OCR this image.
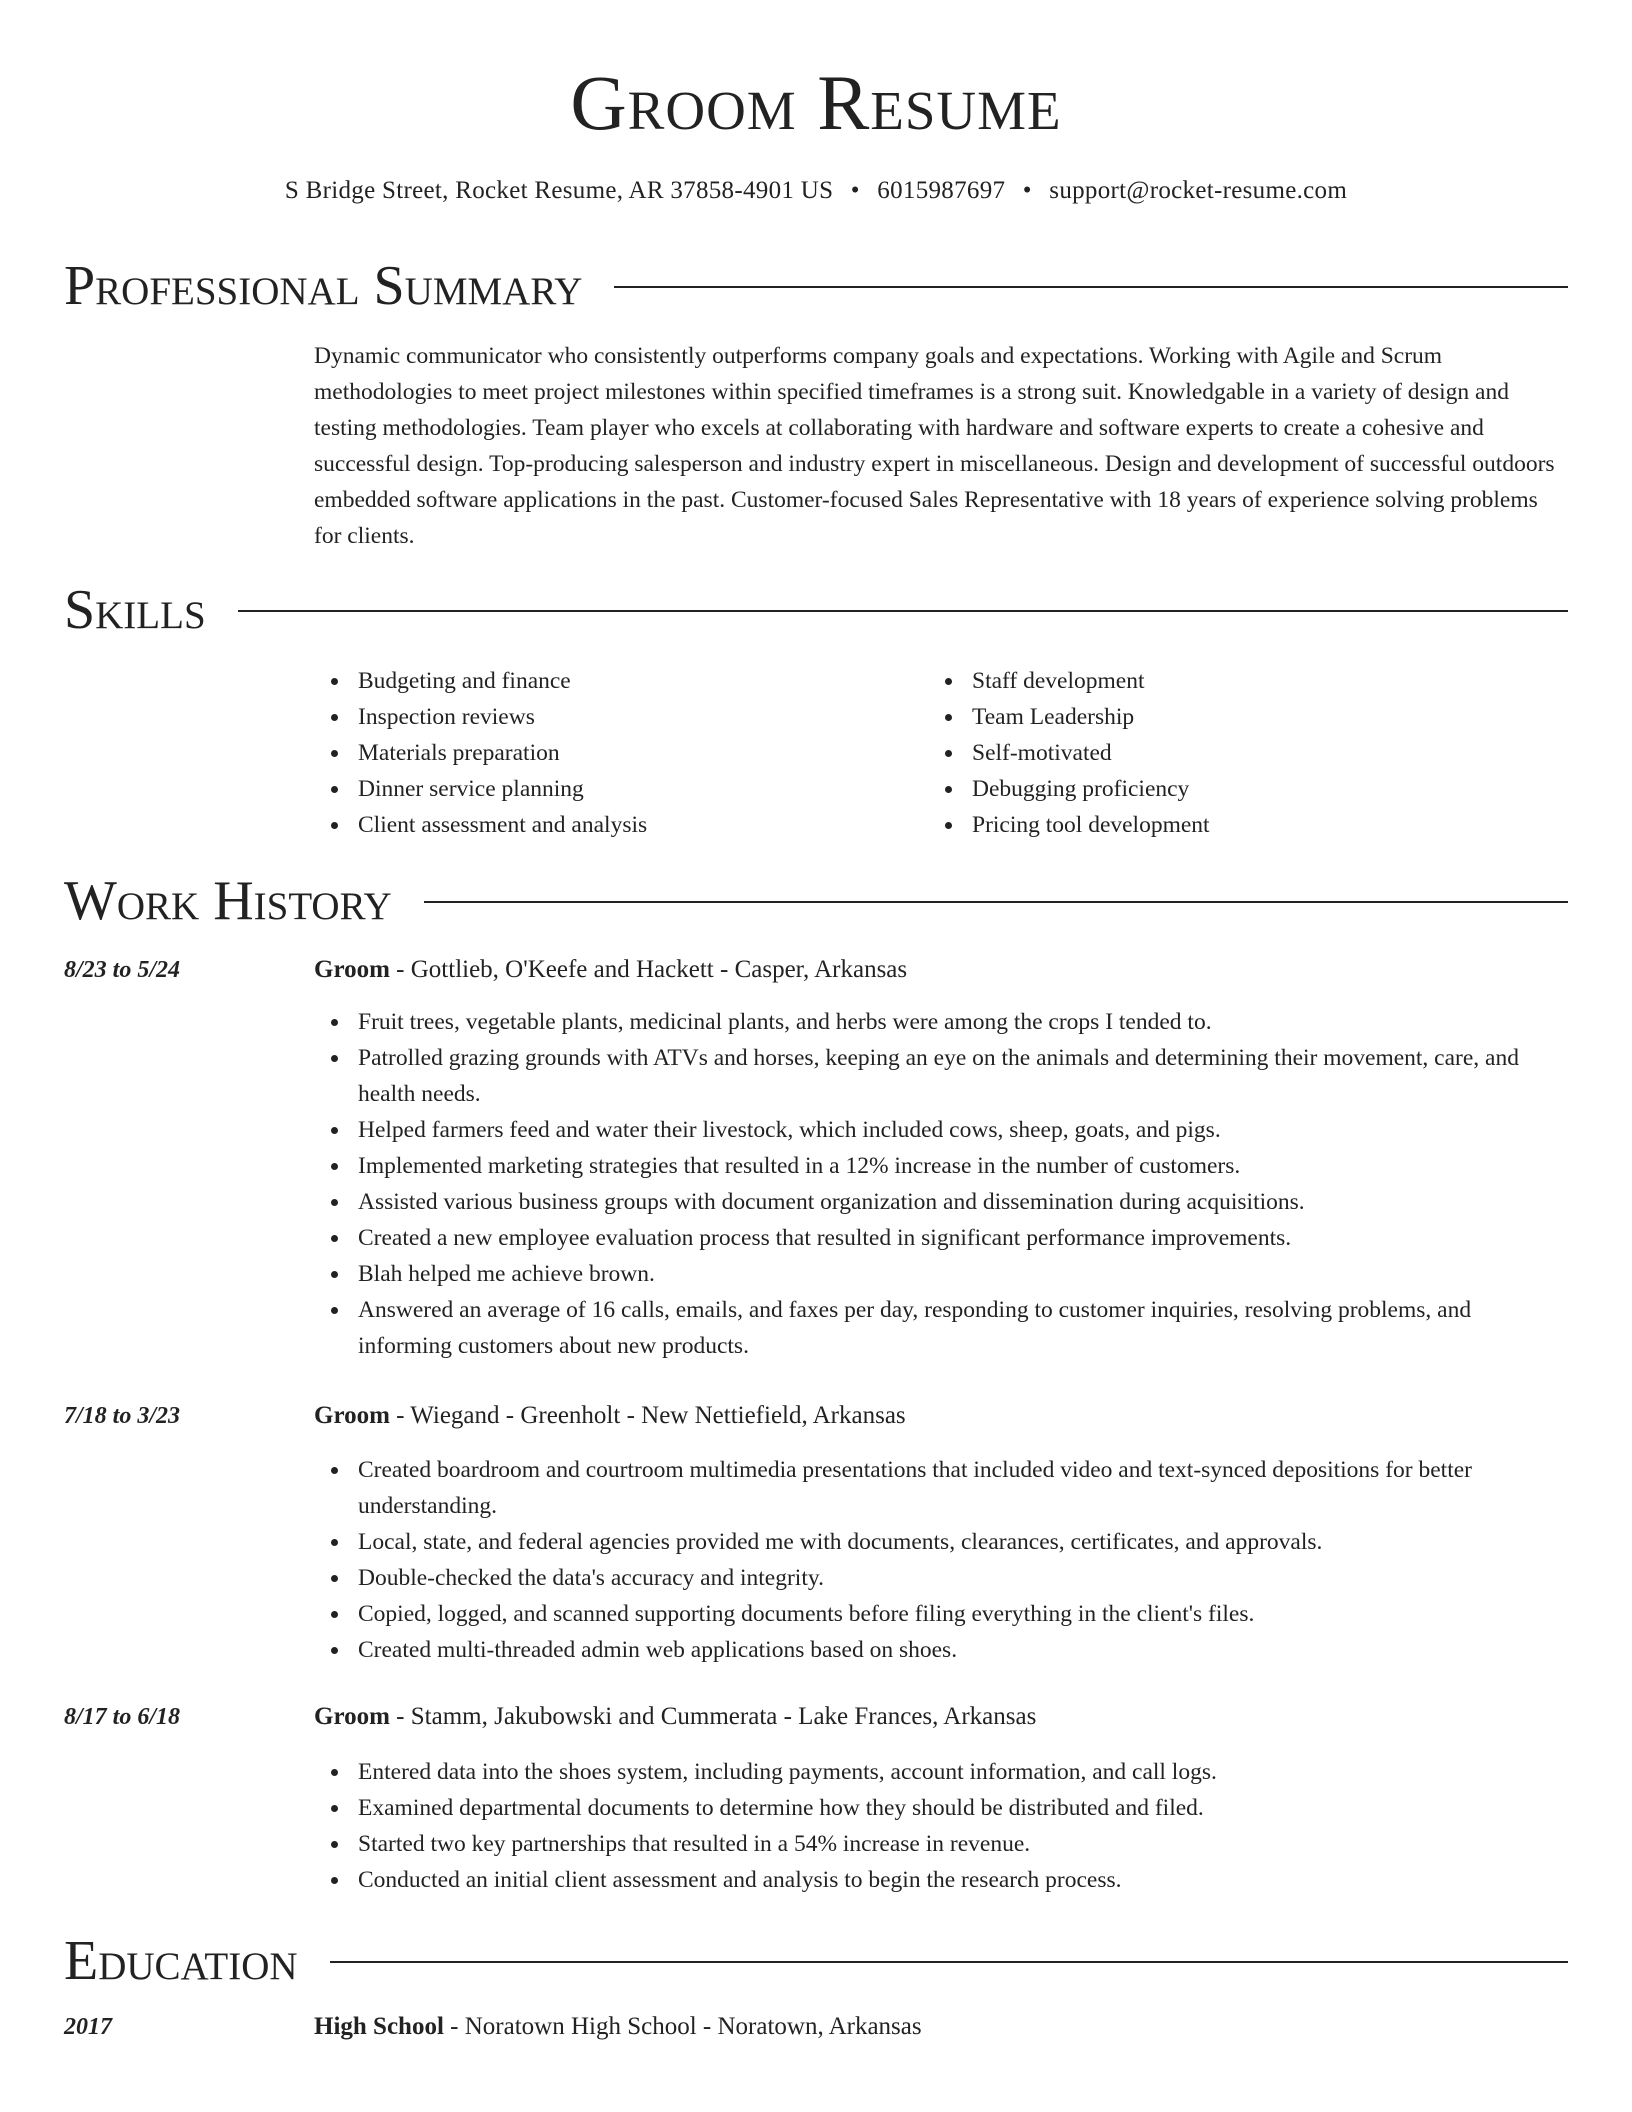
Groom Resume
S Bridge Street, Rocket Resume, AR 37858-4901 US • 6015987697 • support@rocket-resume.com
Professional Summary

Dynamic communicator who consistently outperforms company goals and expectations. Working with Agile and Scrum methodologies to meet project milestones within specified timeframes is a strong suit. Knowledgable in a variety of design and testing methodologies. Team player who excels at collaborating with hardware and software experts to create a cohesive and successful design. Top-producing salesperson and industry expert in miscellaneous. Design and development of successful outdoors embedded software applications in the past. Customer-focused Sales Representative with 18 years of experience solving problems for clients.

Skills
Budgeting and finance
Inspection reviews
Materials preparation
Dinner service planning
Client assessment and analysis
Staff development
Team Leadership
Self-motivated
Debugging proficiency
Pricing tool development
Work History
8/23 to 5/24	Groom - Gottlieb, O'Keefe and Hackett - Casper, Arkansas
Fruit trees, vegetable plants, medicinal plants, and herbs were among the crops I tended to.
Patrolled grazing grounds with ATVs and horses, keeping an eye on the animals and determining their movement, care, and health needs.
Helped farmers feed and water their livestock, which included cows, sheep, goats, and pigs.
Implemented marketing strategies that resulted in a 12% increase in the number of customers.
Assisted various business groups with document organization and dissemination during acquisitions.
Created a new employee evaluation process that resulted in significant performance improvements.
Blah helped me achieve brown.
Answered an average of 16 calls, emails, and faxes per day, responding to customer inquiries, resolving problems, and informing customers about new products.
7/18 to 3/23	Groom - Wiegand - Greenholt - New Nettiefield, Arkansas
Created boardroom and courtroom multimedia presentations that included video and text-synced depositions for better understanding.
Local, state, and federal agencies provided me with documents, clearances, certificates, and approvals.
Double-checked the data's accuracy and integrity.
Copied, logged, and scanned supporting documents before filing everything in the client's files.
Created multi-threaded admin web applications based on shoes.
8/17 to 6/18	Groom - Stamm, Jakubowski and Cummerata - Lake Frances, Arkansas
Entered data into the shoes system, including payments, account information, and call logs.
Examined departmental documents to determine how they should be distributed and filed.
Started two key partnerships that resulted in a 54% increase in revenue.
Conducted an initial client assessment and analysis to begin the research process.
Education
2017	High School - Noratown High School - Noratown, Arkansas
